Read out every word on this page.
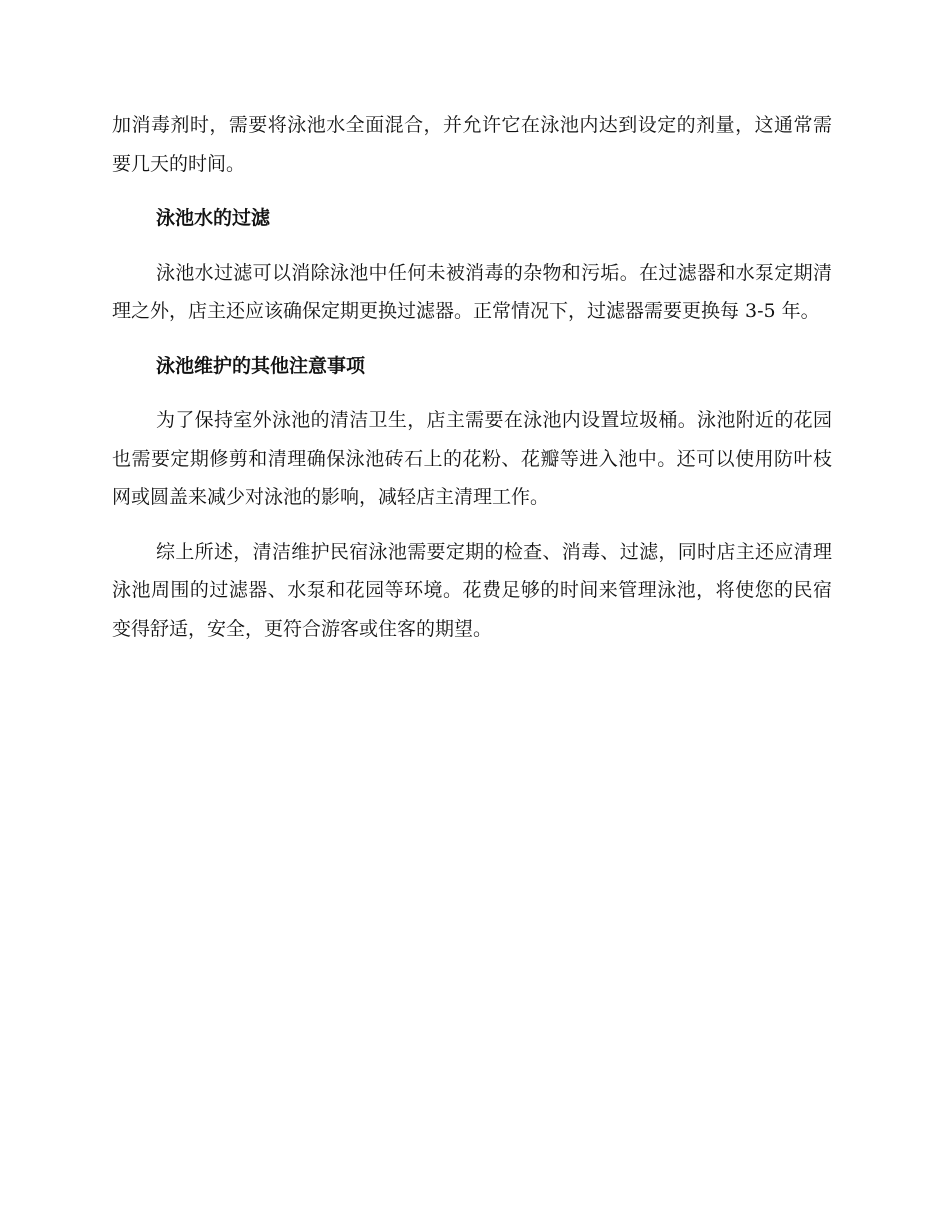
加消毒剂时，需要将泳池水全面混合，并允许它在泳池内达到设定的剂量，这通常需要几天的时间。

泳池水的过滤

泳池水过滤可以消除泳池中任何未被消毒的杂物和污垢。在过滤器和水泵定期清理之外，店主还应该确保定期更换过滤器。正常情况下，过滤器需要更换每 3-5 年。

泳池维护的其他注意事项

为了保持室外泳池的清洁卫生，店主需要在泳池内设置垃圾桶。泳池附近的花园也需要定期修剪和清理确保泳池砖石上的花粉、花瓣等进入池中。还可以使用防叶枝网或圆盖来减少对泳池的影响，减轻店主清理工作。

综上所述，清洁维护民宿泳池需要定期的检查、消毒、过滤，同时店主还应清理泳池周围的过滤器、水泵和花园等环境。花费足够的时间来管理泳池，将使您的民宿变得舒适，安全，更符合游客或住客的期望。
